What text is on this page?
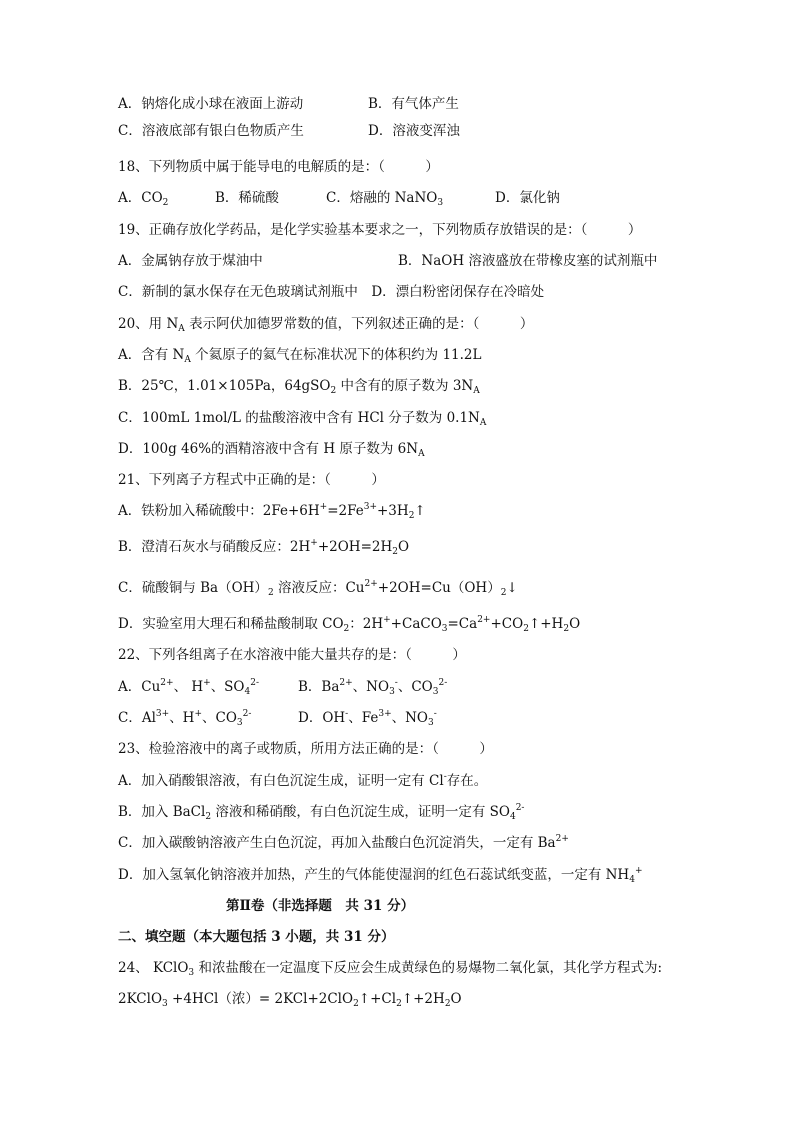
A．钠熔化成小球在液面上游动	B．有气体产生
C．溶液底部有银白色物质产生	D．溶液变浑浊
18、下列物质中属于能导电的电解质的是：（　　　）
A．$CO_2$	B．稀硫酸	C．熔融的 NaNO$_3$	D．氯化钠
19、正确存放化学药品，是化学实验基本要求之一，下列物质存放错误的是：（　　　）
A．金属钠存放于煤油中	B．NaOH 溶液盛放在带橡皮塞的试剂瓶中
C．新制的氯水保存在无色玻璃试剂瓶中　 D．漂白粉密闭保存在冷暗处
20、用 $N_A$ 表示阿伏加德罗常数的值，下列叙述正确的是：（　　　）
A．含有 $N_A$ 个氦原子的氦气在标准状况下的体积约为 11.2L
B．25℃，1.01×105Pa，64gSO$_2$ 中含有的原子数为 $3N_A$
C．100mL 1mol/L 的盐酸溶液中含有 HCl 分子数为 $0.1N_A$
D．100g 46%的酒精溶液中含有 H 原子数为 $6N_A$
21、下列离子方程式中正确的是：（　　　）
A．铁粉加入稀硫酸中：$2Fe+6H^+=2Fe^{3+}+3H_2↑$
B．澄清石灰水与硝酸反应：$2H^++2OH=2H_2O$
C．硫酸铜与 $Ba(OH)_2$ 溶液反应：$Cu^{2+}+2OH=Cu(OH)_2↓$
D．实验室用大理石和稀盐酸制取 $CO_2$：$2H^++CaCO_3=Ca^{2+}+CO_2↑+H_2O$
22、下列各组离子在水溶液中能大量共存的是：（　　　）
A．$Cu^{2+}$、 H+、$SO_4^{2-}$	B．$Ba^{2+}$、$NO_3^-$、$CO_3^{2-}$
C．$Al^{3+}$、H+、$CO_3^{2-}$	D．OH-、$Fe^{3+}$、$NO_3^-$
23、检验溶液中的离子或物质，所用方法正确的是：（　　　）
A．加入硝酸银溶液，有白色沉淀生成，证明一定有 Cl-存在。
B．加入 BaCl$_2$ 溶液和稀硝酸，有白色沉淀生成，证明一定有 $SO_4^{2-}$
C．加入碳酸钠溶液产生白色沉淀，再加入盐酸白色沉淀消失，一定有 $Ba^{2+}$
D．加入氢氧化钠溶液并加热，产生的气体能使湿润的红色石蕊试纸变蓝，一定有 $NH_4^+$
第Ⅱ卷（非选择题　共 31 分）
二、填空题（本大题包括 3 小题，共 31 分）
24、 KClO$_3$ 和浓盐酸在一定温度下反应会生成黄绿色的易爆物二氧化氯，其化学方程式为:
2KClO$_3$ +4HCl（浓）= $2KCl+2ClO_2↑+Cl_2↑+2H_2O$
